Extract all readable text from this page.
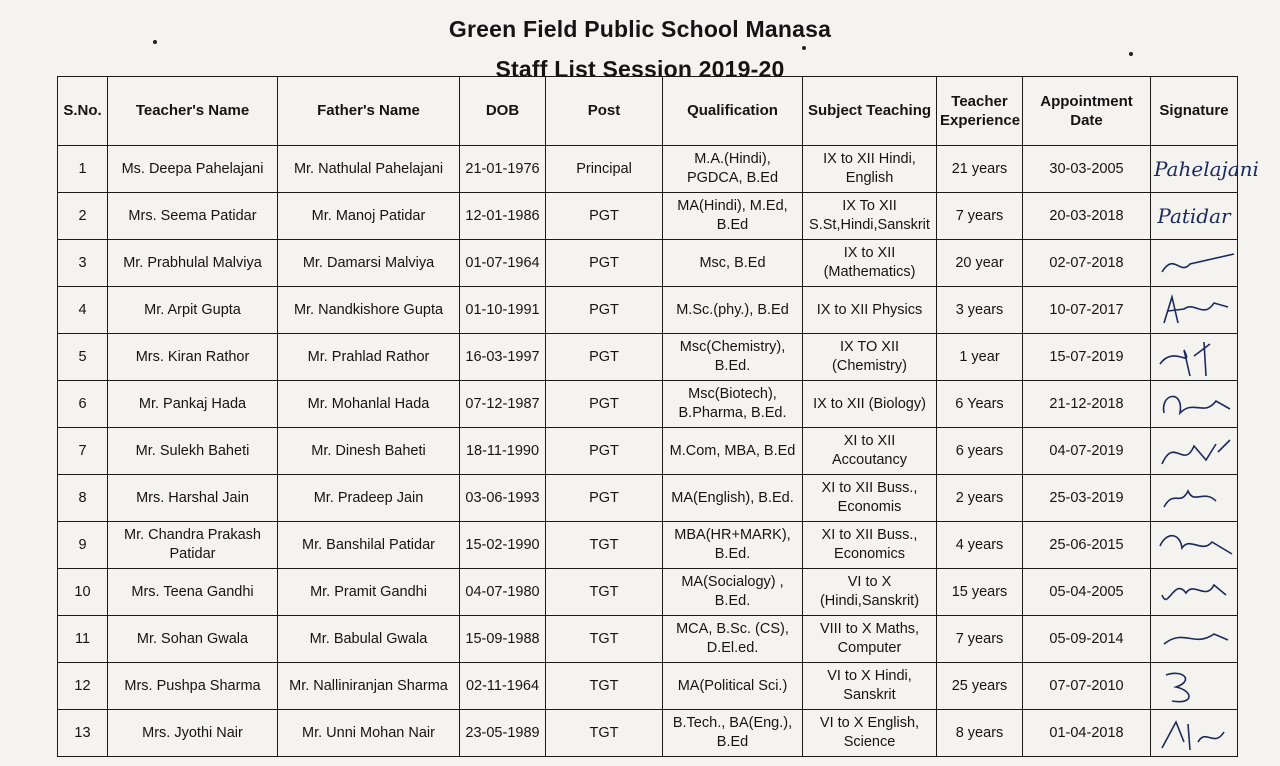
Green Field Public School Manasa
Staff List Session 2019-20
S.No.	Teacher's Name	Father's Name	DOB	Post	Qualification	Subject Teaching	Teacher Experience	Appointment Date	Signature
1	Ms. Deepa Pahelajani	Mr. Nathulal Pahelajani	21-01-1976	Principal	M.A.(Hindi), PGDCA, B.Ed	IX to XII Hindi, English	21 years	30-03-2005	Pahelajani
2	Mrs. Seema Patidar	Mr. Manoj Patidar	12-01-1986	PGT	MA(Hindi), M.Ed, B.Ed	IX To XII S.St,Hindi,Sanskrit	7 years	20-03-2018	Patidar
3	Mr. Prabhulal Malviya	Mr. Damarsi Malviya	01-07-1964	PGT	Msc, B.Ed	IX to XII (Mathematics)	20 year	02-07-2018	

4	Mr. Arpit Gupta	Mr. Nandkishore Gupta	01-10-1991	PGT	M.Sc.(phy.), B.Ed	IX to XII Physics	3 years	10-07-2017	

5	Mrs. Kiran Rathor	Mr. Prahlad Rathor	16-03-1997	PGT	Msc(Chemistry), B.Ed.	IX TO XII (Chemistry)	1 year	15-07-2019	

6	Mr. Pankaj Hada	Mr. Mohanlal Hada	07-12-1987	PGT	Msc(Biotech), B.Pharma, B.Ed.	IX to XII (Biology)	6 Years	21-12-2018	

7	Mr. Sulekh Baheti	Mr. Dinesh Baheti	18-11-1990	PGT	M.Com, MBA, B.Ed	XI to XII Accoutancy	6 years	04-07-2019	

8	Mrs. Harshal Jain	Mr. Pradeep Jain	03-06-1993	PGT	MA(English), B.Ed.	XI to XII Buss., Economis	2 years	25-03-2019	

9	Mr. Chandra Prakash Patidar	Mr. Banshilal Patidar	15-02-1990	TGT	MBA(HR+MARK), B.Ed.	XI to XII Buss., Economics	4 years	25-06-2015	

10	Mrs. Teena Gandhi	Mr. Pramit Gandhi	04-07-1980	TGT	MA(Socialogy) , B.Ed.	VI to X (Hindi,Sanskrit)	15 years	05-04-2005	

11	Mr. Sohan Gwala	Mr. Babulal Gwala	15-09-1988	TGT	MCA, B.Sc. (CS), D.El.ed.	VIII to X Maths, Computer	7 years	05-09-2014	

12	Mrs. Pushpa Sharma	Mr. Nalliniranjan Sharma	02-11-1964	TGT	MA(Political Sci.)	VI to X Hindi, Sanskrit	25 years	07-07-2010	

13	Mrs. Jyothi Nair	Mr. Unni Mohan Nair	23-05-1989	TGT	B.Tech., BA(Eng.), B.Ed	VI to X English, Science	8 years	01-04-2018	
